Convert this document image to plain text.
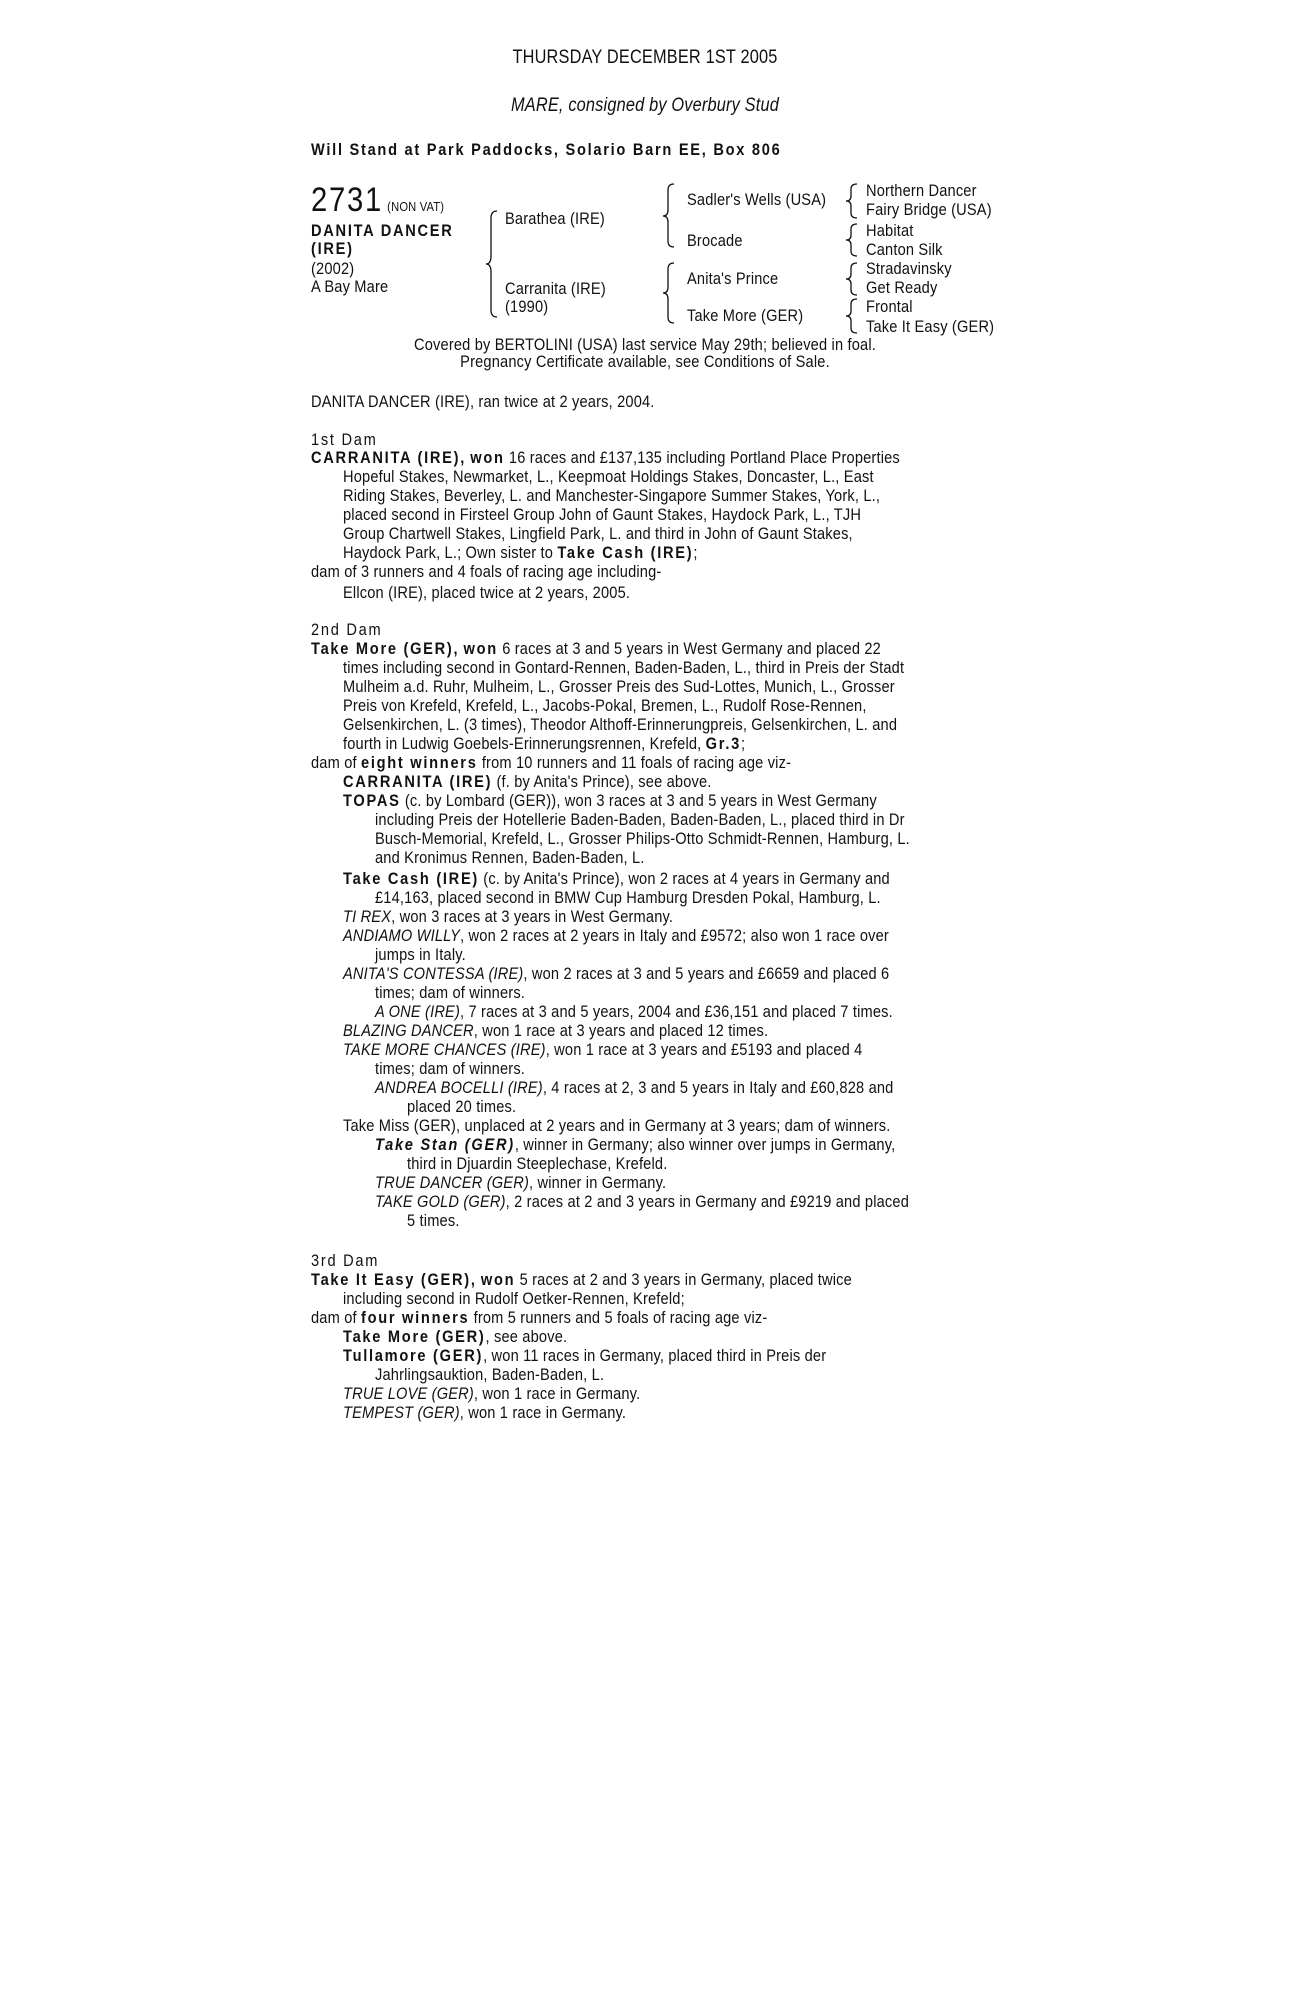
THURSDAY DECEMBER 1ST 2005
MARE, consigned by Overbury Stud
Will Stand at Park Paddocks, Solario Barn EE, Box 806
2731 (NON VAT)
DANITA DANCER
(IRE)
(2002)
A Bay Mare
Barathea (IRE)
Carranita (IRE)
(1990)
Sadler's Wells (USA)
Brocade
Anita's Prince
Take More (GER)
Northern Dancer
Fairy Bridge (USA)
Habitat
Canton Silk
Stradavinsky
Get Ready
Frontal
Take It Easy (GER)
Covered by BERTOLINI (USA) last service May 29th; believed in foal.
Pregnancy Certificate available, see Conditions of Sale.
DANITA DANCER (IRE), ran twice at 2 years, 2004.
1st Dam
CARRANITA (IRE), won 16 races and £137,135 including Portland Place Properties
Hopeful Stakes, Newmarket, L., Keepmoat Holdings Stakes, Doncaster, L., East
Riding Stakes, Beverley, L. and Manchester-Singapore Summer Stakes, York, L.,
placed second in Firsteel Group John of Gaunt Stakes, Haydock Park, L., TJH
Group Chartwell Stakes, Lingfield Park, L. and third in John of Gaunt Stakes,
Haydock Park, L.; Own sister to Take Cash (IRE);
dam of 3 runners and 4 foals of racing age including-
Ellcon (IRE), placed twice at 2 years, 2005.
2nd Dam
Take More (GER), won 6 races at 3 and 5 years in West Germany and placed 22
times including second in Gontard-Rennen, Baden-Baden, L., third in Preis der Stadt
Mulheim a.d. Ruhr, Mulheim, L., Grosser Preis des Sud-Lottes, Munich, L., Grosser
Preis von Krefeld, Krefeld, L., Jacobs-Pokal, Bremen, L., Rudolf Rose-Rennen,
Gelsenkirchen, L. (3 times), Theodor Althoff-Erinnerungpreis, Gelsenkirchen, L. and
fourth in Ludwig Goebels-Erinnerungsrennen, Krefeld, Gr.3;
dam of eight winners from 10 runners and 11 foals of racing age viz-
CARRANITA (IRE) (f. by Anita's Prince), see above.
TOPAS (c. by Lombard (GER)), won 3 races at 3 and 5 years in West Germany
including Preis der Hotellerie Baden-Baden, Baden-Baden, L., placed third in Dr
Busch-Memorial, Krefeld, L., Grosser Philips-Otto Schmidt-Rennen, Hamburg, L.
and Kronimus Rennen, Baden-Baden, L.
Take Cash (IRE) (c. by Anita's Prince), won 2 races at 4 years in Germany and
£14,163, placed second in BMW Cup Hamburg Dresden Pokal, Hamburg, L.
TI REX, won 3 races at 3 years in West Germany.
ANDIAMO WILLY, won 2 races at 2 years in Italy and £9572; also won 1 race over
jumps in Italy.
ANITA'S CONTESSA (IRE), won 2 races at 3 and 5 years and £6659 and placed 6
times; dam of winners.
A ONE (IRE), 7 races at 3 and 5 years, 2004 and £36,151 and placed 7 times.
BLAZING DANCER, won 1 race at 3 years and placed 12 times.
TAKE MORE CHANCES (IRE), won 1 race at 3 years and £5193 and placed 4
times; dam of winners.
ANDREA BOCELLI (IRE), 4 races at 2, 3 and 5 years in Italy and £60,828 and
placed 20 times.
Take Miss (GER), unplaced at 2 years and in Germany at 3 years; dam of winners.
Take Stan (GER), winner in Germany; also winner over jumps in Germany,
third in Djuardin Steeplechase, Krefeld.
TRUE DANCER (GER), winner in Germany.
TAKE GOLD (GER), 2 races at 2 and 3 years in Germany and £9219 and placed
5 times.
3rd Dam
Take It Easy (GER), won 5 races at 2 and 3 years in Germany, placed twice
including second in Rudolf Oetker-Rennen, Krefeld;
dam of four winners from 5 runners and 5 foals of racing age viz-
Take More (GER), see above.
Tullamore (GER), won 11 races in Germany, placed third in Preis der
Jahrlingsauktion, Baden-Baden, L.
TRUE LOVE (GER), won 1 race in Germany.
TEMPEST (GER), won 1 race in Germany.
